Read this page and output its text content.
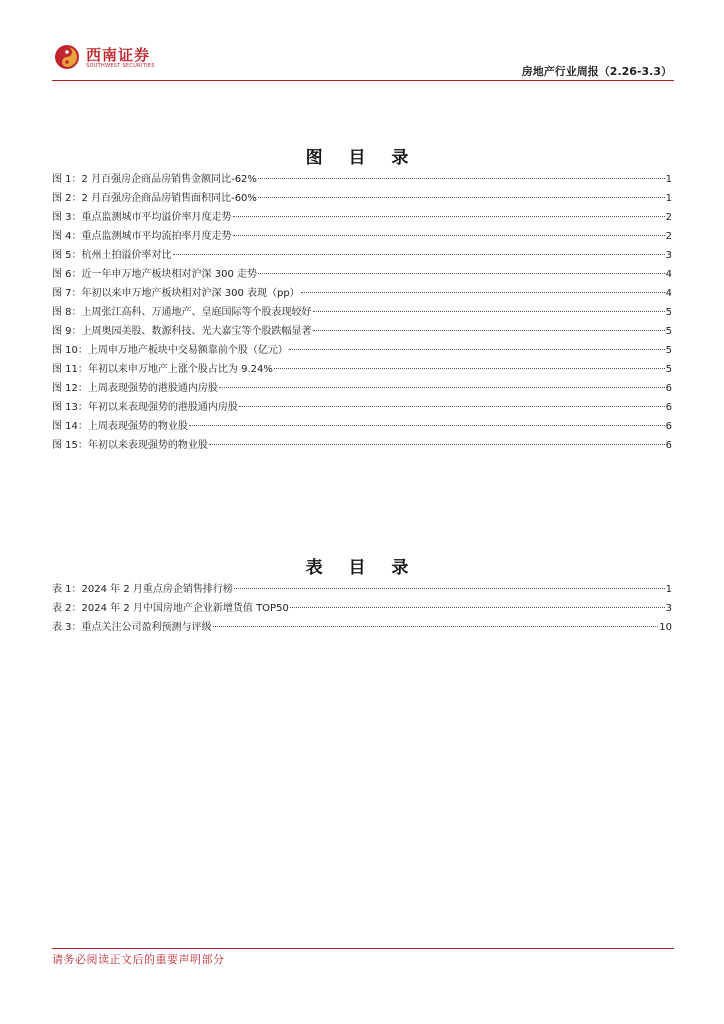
西南证券
SOUTHWEST SECURITIES	房地产行业周报（2.26-3.3）
图 目 录
图 1：2 月百强房企商品房销售金额同比-62%	1
图 2：2 月百强房企商品房销售面积同比-60%	1
图 3：重点监测城市平均溢价率月度走势	2
图 4：重点监测城市平均流拍率月度走势	2
图 5：杭州土拍溢价率对比	3
图 6：近一年申万地产板块相对沪深 300 走势	4
图 7：年初以来申万地产板块相对沪深 300 表现（pp）	4
图 8：上周张江高科、万通地产、皇庭国际等个股表现较好	5
图 9：上周奥园美股、数源科技、光大嘉宝等个股跌幅显著	5
图 10：上周申万地产板块中交易额靠前个股（亿元）	5
图 11：年初以来申万地产上涨个股占比为 9.24%	5
图 12：上周表现强势的港股通内房股	6
图 13：年初以来表现强势的港股通内房股	6
图 14：上周表现强势的物业股	6
图 15：年初以来表现强势的物业股	6
表 目 录
表 1：2024 年 2 月重点房企销售排行榜	1
表 2：2024 年 2 月中国房地产企业新增货值 TOP50	3
表 3：重点关注公司盈利预测与评级	10
请务必阅读正文后的重要声明部分
